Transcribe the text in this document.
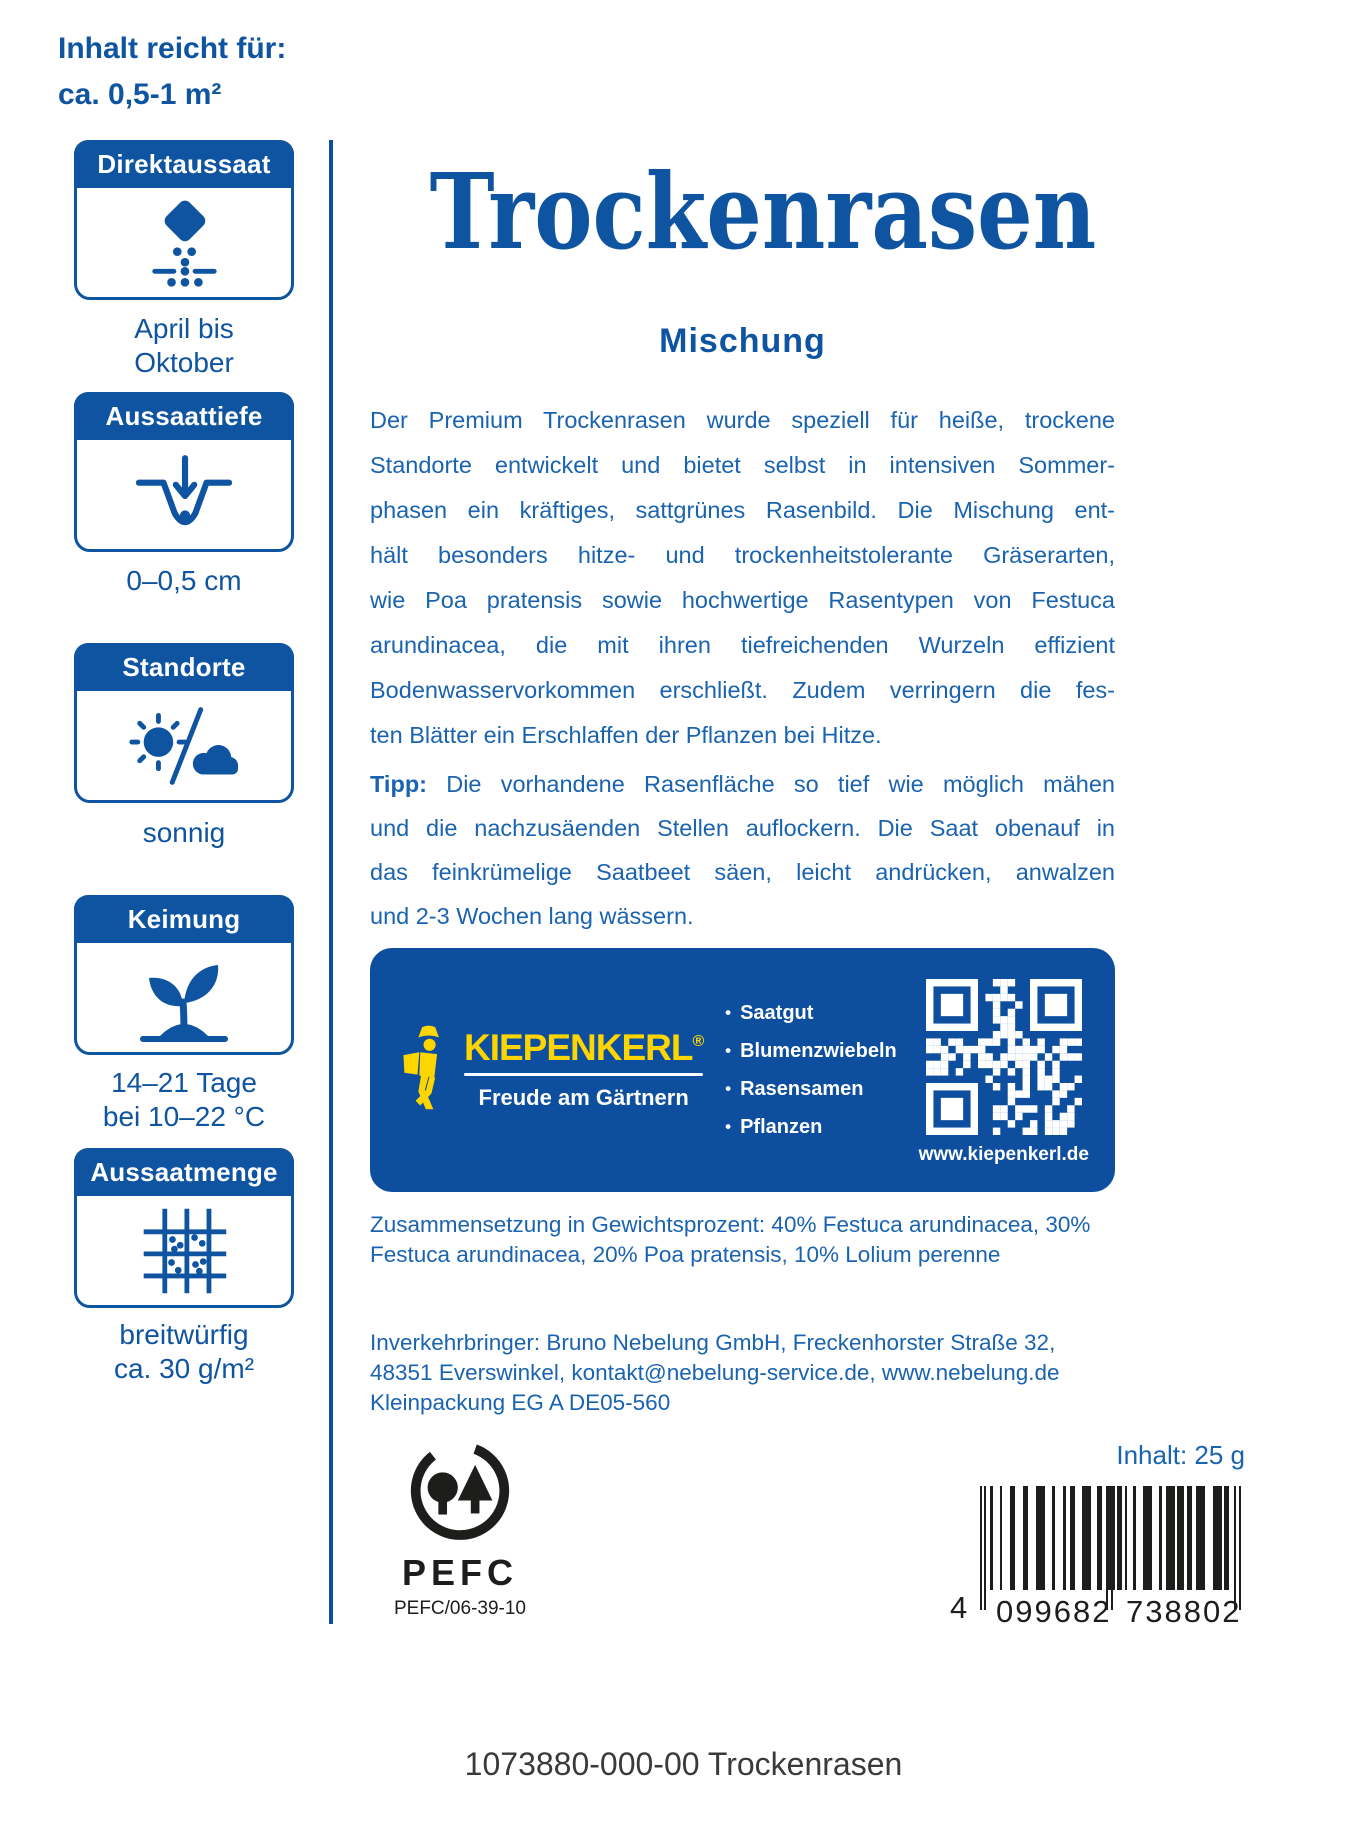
Inhalt reicht für:
ca. 0,5-1 m²
Direktaussaat
April bis
Oktober
Aussaattiefe
0–0,5 cm
Standorte
sonnig
Keimung
14–21 Tage
bei 10–22 °C
Aussaatmenge
breitwürfig
ca. 30 g/m²
Trockenrasen
Mischung
Der Premium Trockenrasen wurde speziell für heiße, trockene
Standorte entwickelt und bietet selbst in intensiven Sommer-
phasen ein kräftiges, sattgrünes Rasenbild. Die Mischung ent-
hält besonders hitze- und trockenheitstolerante Gräserarten,
wie Poa pratensis sowie hochwertige Rasentypen von Festuca
arundinacea, die mit ihren tiefreichenden Wurzeln effizient
Bodenwasservorkommen erschließt. Zudem verringern die fes-
ten Blätter ein Erschlaffen der Pflanzen bei Hitze.
Tipp: Die vorhandene Rasenfläche so tief wie möglich mähen
und die nachzusäenden Stellen auflockern. Die Saat obenauf in
das feinkrümelige Saatbeet säen, leicht andrücken, anwalzen
und 2-3 Wochen lang wässern.
KIEPENKERL®
Freude am Gärtnern
• Saatgut
• Blumenzwiebeln
• Rasensamen
• Pflanzen
www.kiepenkerl.de
Zusammensetzung in Gewichtsprozent: 40% Festuca arundinacea, 30%
Festuca arundinacea, 20% Poa pratensis, 10% Lolium perenne
Inverkehrbringer: Bruno Nebelung GmbH, Freckenhorster Straße 32,
48351 Everswinkel, kontakt@nebelung-service.de, www.nebelung.de
Kleinpackung EG A DE05-560
PEFC
PEFC/06-39-10
Inhalt: 25 g
4 099682 738802
1073880-000-00 Trockenrasen
